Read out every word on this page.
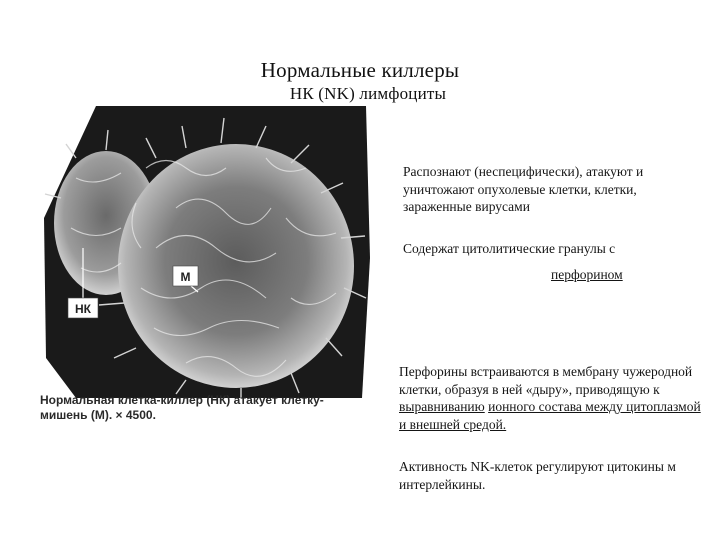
Нормальные киллеры
НК (NK) лимфоциты
М
НК
Нормальная клетка-киллер (НК) атакует клетку-
мишень (М). × 4500.
Распознают (неспецифически), атакуют и уничтожают опухолевые клетки, клетки, зараженные вирусами
Содержат цитолитические гранулы с
перфорином
Перфорины встраиваются в мембрану чужеродной клетки, образуя в ней «дыру», приводящую к выравниванию ионного состава между цитоплазмой и внешней средой.
Активность NK-клеток регулируют цитокины м интерлейкины.
